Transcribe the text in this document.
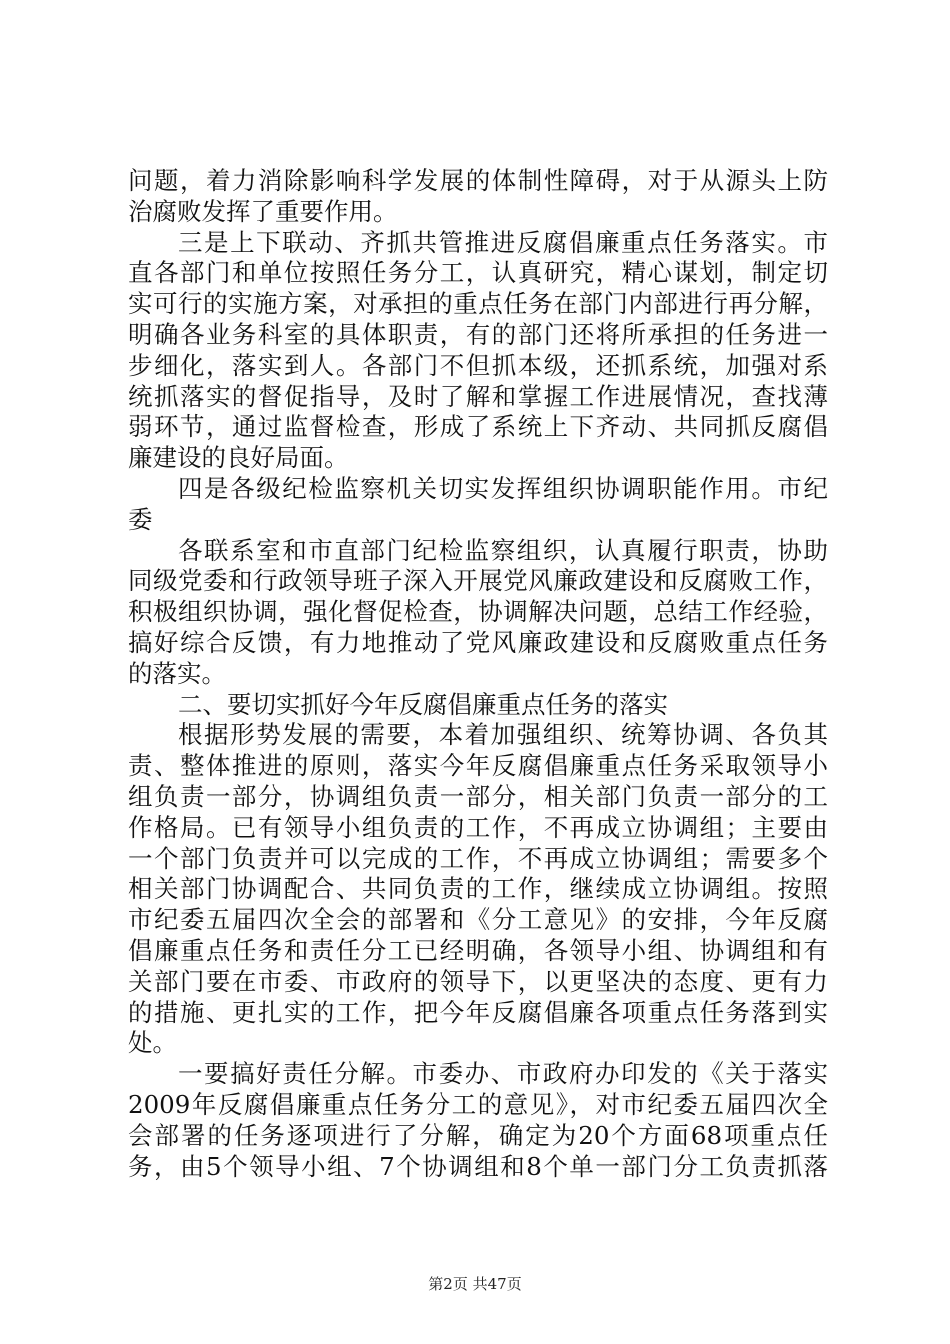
问题，着力消除影响科学发展的体制性障碍，对于从源头上防
治腐败发挥了重要作用。
三是上下联动、齐抓共管推进反腐倡廉重点任务落实。市
直各部门和单位按照任务分工，认真研究，精心谋划，制定切
实可行的实施方案，对承担的重点任务在部门内部进行再分解，
明确各业务科室的具体职责，有的部门还将所承担的任务进一
步细化，落实到人。各部门不但抓本级，还抓系统，加强对系
统抓落实的督促指导，及时了解和掌握工作进展情况，查找薄
弱环节，通过监督检查，形成了系统上下齐动、共同抓反腐倡
廉建设的良好局面。
四是各级纪检监察机关切实发挥组织协调职能作用。市纪
委
各联系室和市直部门纪检监察组织，认真履行职责，协助
同级党委和行政领导班子深入开展党风廉政建设和反腐败工作，
积极组织协调，强化督促检查，协调解决问题，总结工作经验，
搞好综合反馈，有力地推动了党风廉政建设和反腐败重点任务
的落实。
二、要切实抓好今年反腐倡廉重点任务的落实
根据形势发展的需要，本着加强组织、统筹协调、各负其
责、整体推进的原则，落实今年反腐倡廉重点任务采取领导小
组负责一部分，协调组负责一部分，相关部门负责一部分的工
作格局。已有领导小组负责的工作，不再成立协调组；主要由
一个部门负责并可以完成的工作，不再成立协调组；需要多个
相关部门协调配合、共同负责的工作，继续成立协调组。按照
市纪委五届四次全会的部署和《分工意见》的安排，今年反腐
倡廉重点任务和责任分工已经明确，各领导小组、协调组和有
关部门要在市委、市政府的领导下，以更坚决的态度、更有力
的措施、更扎实的工作，把今年反腐倡廉各项重点任务落到实
处。
一要搞好责任分解。市委办、市政府办印发的《关于落实
2009年反腐倡廉重点任务分工的意见》，对市纪委五届四次全
会部署的任务逐项进行了分解，确定为20个方面68项重点任
务，由5个领导小组、7个协调组和8个单一部门分工负责抓落
第2页 共47页
